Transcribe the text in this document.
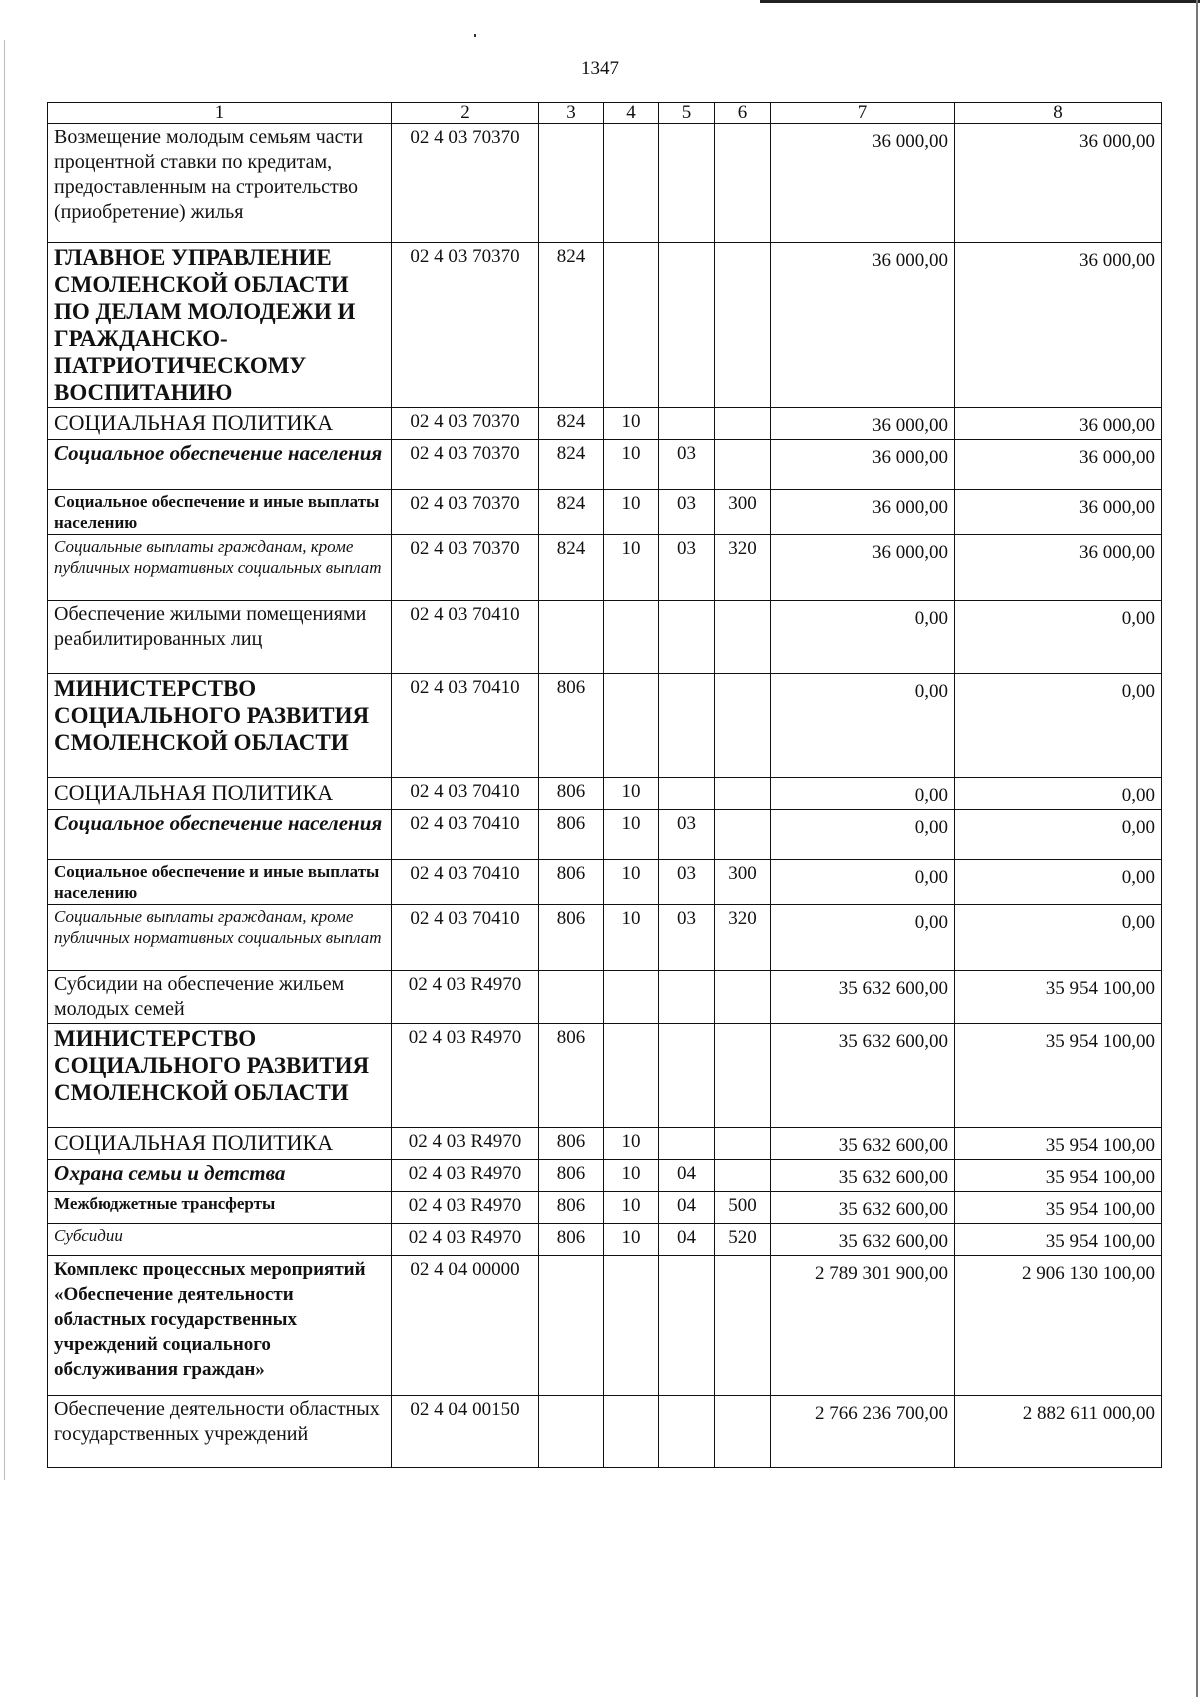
1347
1	2	3	4	5	6	7	8
Возмещение молодым семьям части процентной ставки по кредитам, предоставленным на строительство (приобретение) жилья	02 4 03 70370					36 000,00	36 000,00
ГЛАВНОЕ УПРАВЛЕНИЕ СМОЛЕНСКОЙ ОБЛАСТИ ПО ДЕЛАМ МОЛОДЕЖИ И ГРАЖДАНСКО-ПАТРИОТИЧЕСКОМУ ВОСПИТАНИЮ	02 4 03 70370	824				36 000,00	36 000,00
СОЦИАЛЬНАЯ ПОЛИТИКА	02 4 03 70370	824	10			36 000,00	36 000,00
Социальное обеспечение населения	02 4 03 70370	824	10	03		36 000,00	36 000,00
Социальное обеспечение и иные выплаты населению	02 4 03 70370	824	10	03	300	36 000,00	36 000,00
Социальные выплаты гражданам, кроме публичных нормативных социальных выплат	02 4 03 70370	824	10	03	320	36 000,00	36 000,00
Обеспечение жилыми помещениями реабилитированных лиц	02 4 03 70410					0,00	0,00
МИНИСТЕРСТВО СОЦИАЛЬНОГО РАЗВИТИЯ СМОЛЕНСКОЙ ОБЛАСТИ	02 4 03 70410	806				0,00	0,00
СОЦИАЛЬНАЯ ПОЛИТИКА	02 4 03 70410	806	10			0,00	0,00
Социальное обеспечение населения	02 4 03 70410	806	10	03		0,00	0,00
Социальное обеспечение и иные выплаты населению	02 4 03 70410	806	10	03	300	0,00	0,00
Социальные выплаты гражданам, кроме публичных нормативных социальных выплат	02 4 03 70410	806	10	03	320	0,00	0,00
Субсидии на обеспечение жильем молодых семей	02 4 03 R4970					35 632 600,00	35 954 100,00
МИНИСТЕРСТВО СОЦИАЛЬНОГО РАЗВИТИЯ СМОЛЕНСКОЙ ОБЛАСТИ	02 4 03 R4970	806				35 632 600,00	35 954 100,00
СОЦИАЛЬНАЯ ПОЛИТИКА	02 4 03 R4970	806	10			35 632 600,00	35 954 100,00
Охрана семьи и детства	02 4 03 R4970	806	10	04		35 632 600,00	35 954 100,00
Межбюджетные трансферты	02 4 03 R4970	806	10	04	500	35 632 600,00	35 954 100,00
Субсидии	02 4 03 R4970	806	10	04	520	35 632 600,00	35 954 100,00
Комплекс процессных мероприятий «Обеспечение деятельности областных государственных учреждений социального обслуживания граждан»	02 4 04 00000					2 789 301 900,00	2 906 130 100,00
Обеспечение деятельности областных государственных учреждений	02 4 04 00150					2 766 236 700,00	2 882 611 000,00
